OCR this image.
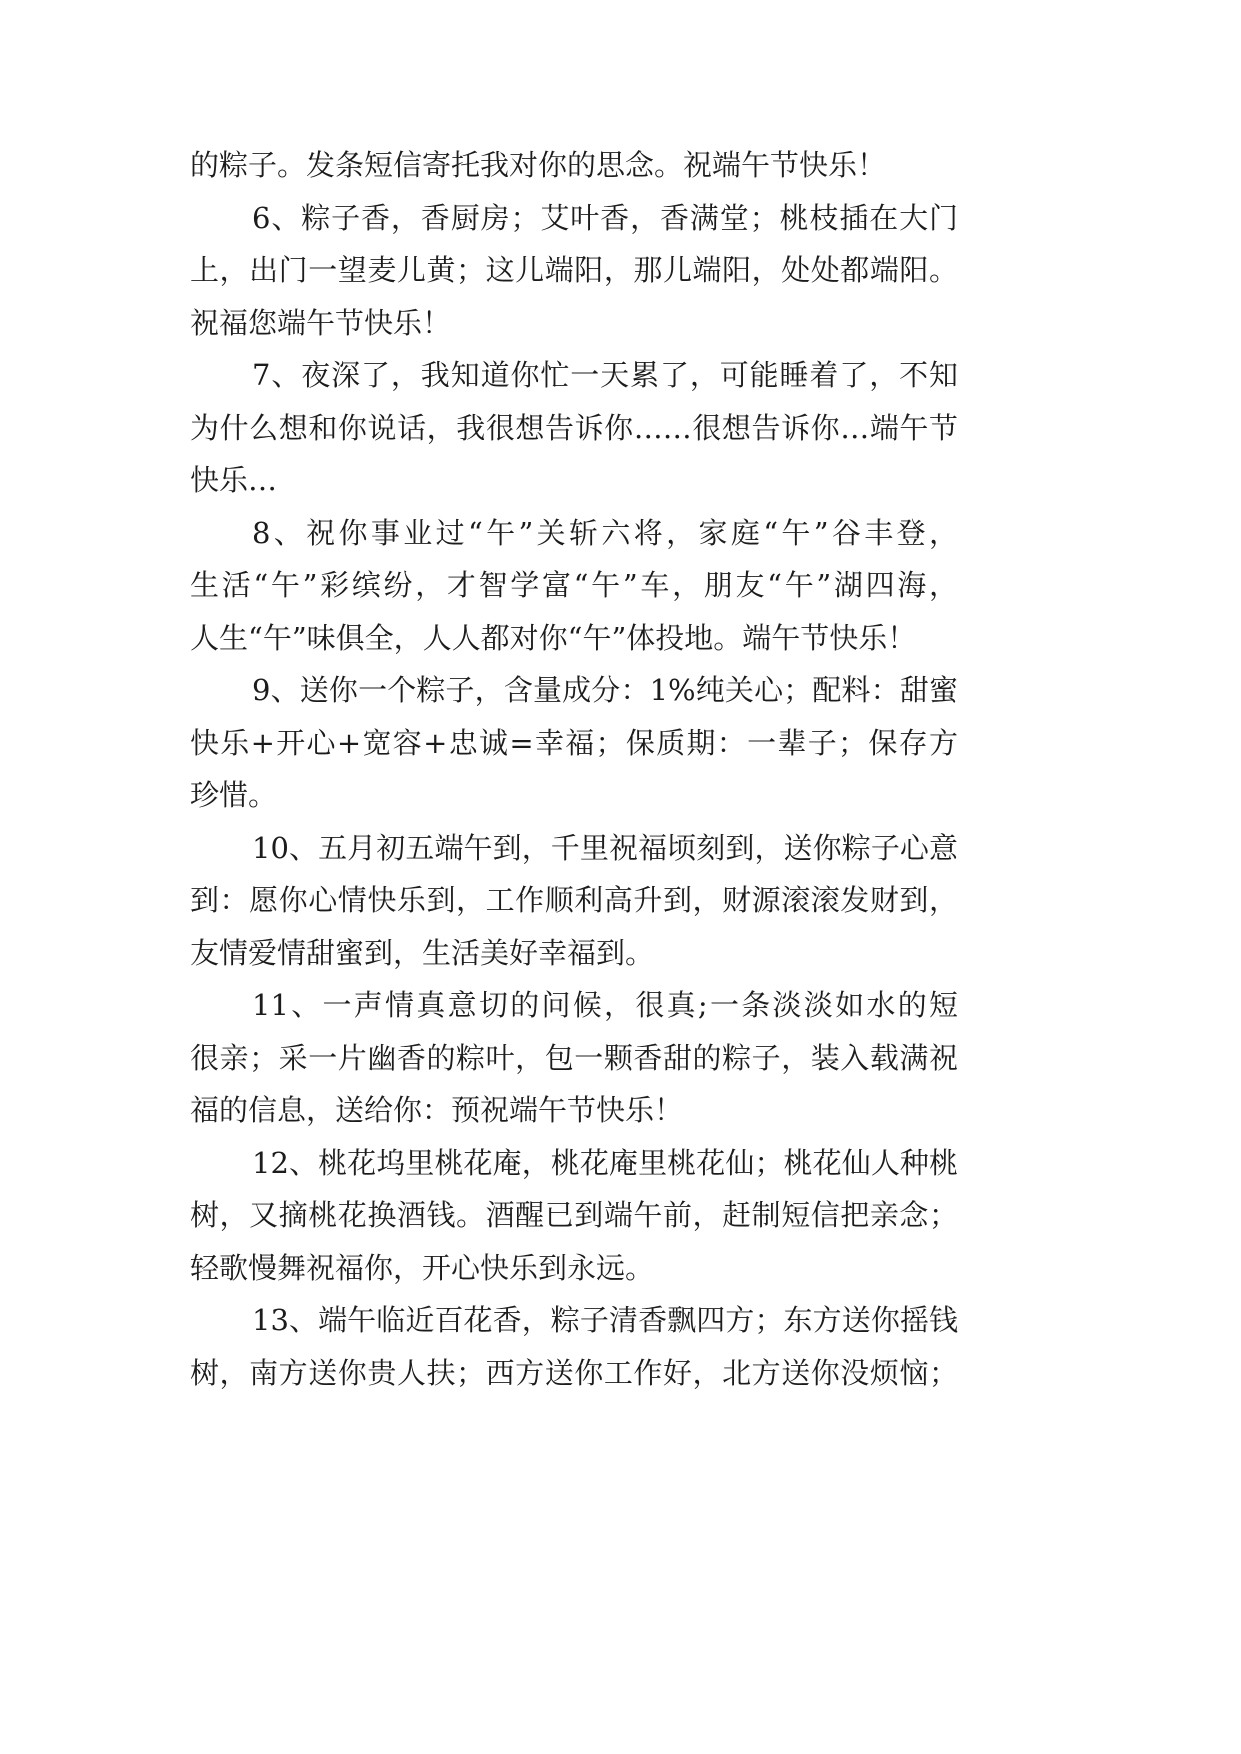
的粽子。发条短信寄托我对你的思念。祝端午节快乐！
6、粽子香，香厨房；艾叶香，香满堂；桃枝插在大门
上，出门一望麦儿黄；这儿端阳，那儿端阳，处处都端阳。
祝福您端午节快乐！
7、夜深了，我知道你忙一天累了，可能睡着了，不知
为什么想和你说话，我很想告诉你……很想告诉你…端午节
快乐…
8、祝你事业过“午”关斩六将，家庭“午”谷丰登，
生活“午”彩缤纷，才智学富“午”车，朋友“午”湖四海，
人生“午”味俱全，人人都对你“午”体投地。端午节快乐！
9、送你一个粽子，含量成分：1%纯关心；配料：甜蜜
快乐+开心+宽容+忠诚=幸福；保质期：一辈子；保存方
珍惜。
10、五月初五端午到，千里祝福顷刻到，送你粽子心意
到：愿你心情快乐到，工作顺利高升到，财源滚滚发财到，
友情爱情甜蜜到，生活美好幸福到。
11、一声情真意切的问候，很真;一条淡淡如水的短
很亲；采一片幽香的粽叶，包一颗香甜的粽子，装入载满祝
福的信息，送给你：预祝端午节快乐！
12、桃花坞里桃花庵，桃花庵里桃花仙；桃花仙人种桃
树，又摘桃花换酒钱。酒醒已到端午前，赶制短信把亲念；
轻歌慢舞祝福你，开心快乐到永远。
13、端午临近百花香，粽子清香飘四方；东方送你摇钱
树，南方送你贵人扶；西方送你工作好，北方送你没烦恼；
